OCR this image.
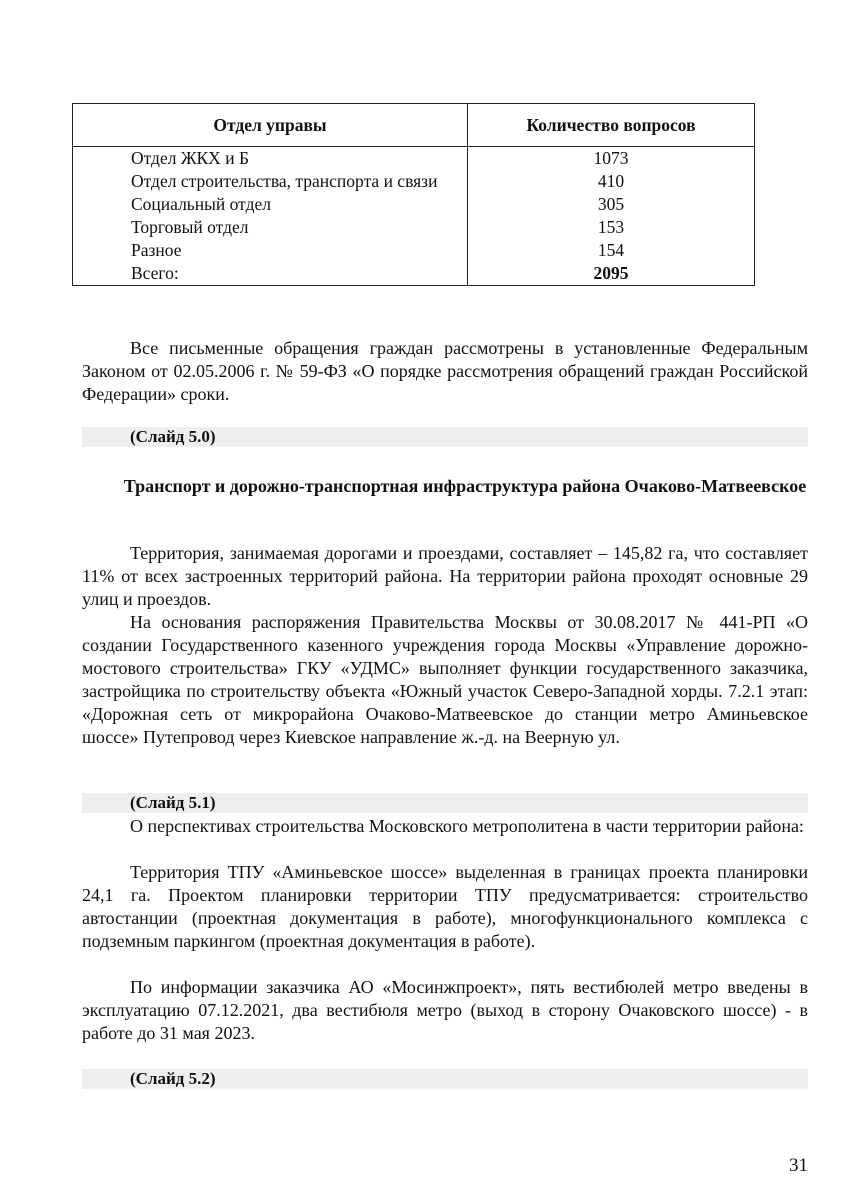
Отдел управы	Количество вопросов
Отдел ЖКХ и Б	1073
Отдел строительства, транспорта и связи	410
Социальный отдел	305
Торговый отдел	153
Разное	154
Всего:	2095

Все письменные обращения граждан рассмотрены в установленные Федеральным Законом от 02.05.2006 г. № 59-ФЗ «О порядке рассмотрения обращений граждан Российской Федерации» сроки.

(Слайд 5.0)

Транспорт и дорожно-транспортная инфраструктура района Очаково-Матвеевское

Территория, занимаемая дорогами и проездами, составляет – 145,82 га, что составляет 11% от всех застроенных территорий района. На территории района проходят основные 29 улиц и проездов.

На основания распоряжения Правительства Москвы от 30.08.2017 № 441-РП «О создании Государственного казенного учреждения города Москвы «Управление дорожно-мостового строительства» ГКУ «УДМС» выполняет функции государственного заказчика, застройщика по строительству объекта «Южный участок Северо-Западной хорды. 7.2.1 этап: «Дорожная сеть от микрорайона Очаково-Матвеевское до станции метро Аминьевское шоссе» Путепровод через Киевское направление ж.-д. на Веерную ул.

(Слайд 5.1)

О перспективах строительства Московского метрополитена в части территории района:

Территория ТПУ «Аминьевское шоссе» выделенная в границах проекта планировки 24,1 га. Проектом планировки территории ТПУ предусматривается: строительство автостанции (проектная документация в работе), многофункционального комплекса с подземным паркингом (проектная документация в работе).

По информации заказчика АО «Мосинжпроект», пять вестибюлей метро введены в эксплуатацию 07.12.2021, два вестибюля метро (выход в сторону Очаковского шоссе) - в работе до 31 мая 2023.

(Слайд 5.2)
31
